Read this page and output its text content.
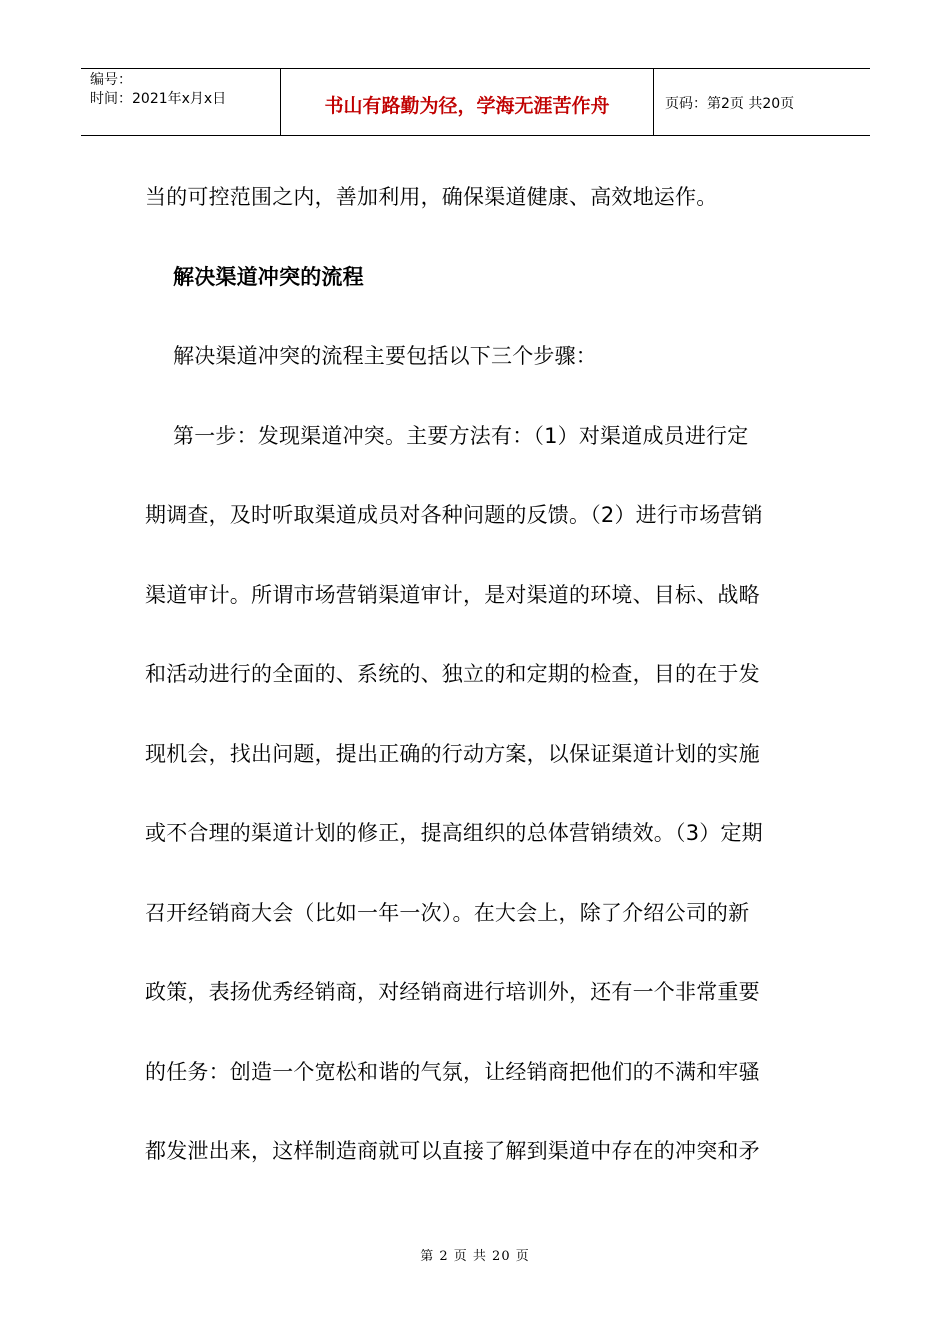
编号：
时间：2021年x月x日	书山有路勤为径，学海无涯苦作舟	页码：第2页 共20页

当的可控范围之内，善加利用，确保渠道健康、高效地运作。

解决渠道冲突的流程

解决渠道冲突的流程主要包括以下三个步骤：

第一步：发现渠道冲突。主要方法有：（1）对渠道成员进行定

期调查，及时听取渠道成员对各种问题的反馈。（2）进行市场营销

渠道审计。所谓市场营销渠道审计，是对渠道的环境、目标、战略

和活动进行的全面的、系统的、独立的和定期的检查，目的在于发

现机会，找出问题，提出正确的行动方案，以保证渠道计划的实施

或不合理的渠道计划的修正，提高组织的总体营销绩效。（3）定期

召开经销商大会（比如一年一次）。在大会上，除了介绍公司的新

政策，表扬优秀经销商，对经销商进行培训外，还有一个非常重要

的任务：创造一个宽松和谐的气氛，让经销商把他们的不满和牢骚

都发泄出来，这样制造商就可以直接了解到渠道中存在的冲突和矛

第 2 页 共 20 页
